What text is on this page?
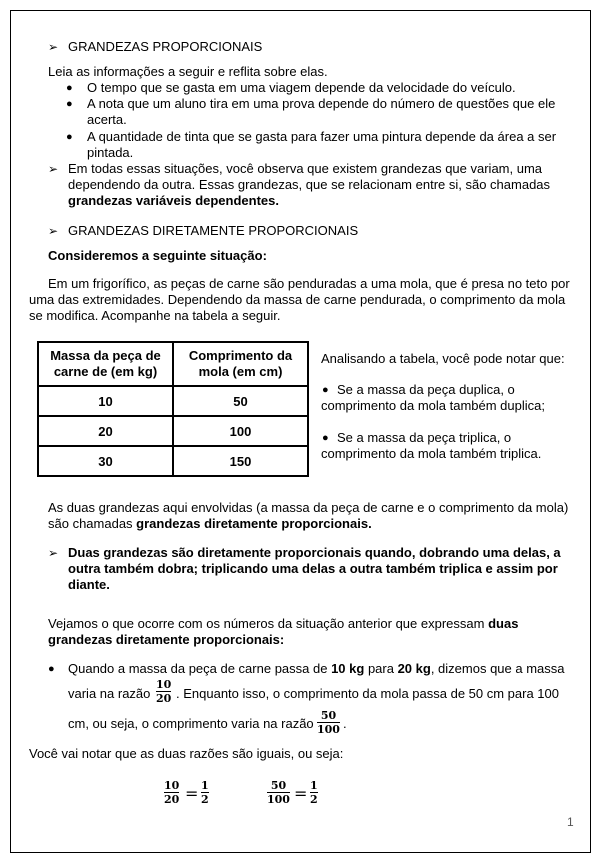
➢ GRANDEZAS PROPORCIONAIS
Leia as informações a seguir e reflita sobre elas.
● O tempo que se gasta em uma viagem depende da velocidade do veículo.
● A nota que um aluno tira em uma prova depende do número de questões que ele
acerta.
● A quantidade de tinta que se gasta para fazer uma pintura depende da área a ser
pintada.
➢ Em todas essas situações, você observa que existem grandezas que variam, uma
dependendo da outra. Essas grandezas, que se relacionam entre si, são chamadas
grandezas variáveis dependentes.
➢ GRANDEZAS DIRETAMENTE PROPORCIONAIS
Consideremos a seguinte situação:
Em um frigorífico, as peças de carne são penduradas a uma mola, que é presa no teto por
uma das extremidades. Dependendo da massa de carne pendurada, o comprimento da mola
se modifica. Acompanhe na tabela a seguir.
Massa da peça de
carne de (em kg)	Comprimento da
mola (em cm)
10	50
20	100
30	150
Analisando a tabela, você pode notar que:
● Se a massa da peça duplica, o
comprimento da mola também duplica;
● Se a massa da peça triplica, o
comprimento da mola também triplica.
As duas grandezas aqui envolvidas (a massa da peça de carne e o comprimento da mola)
são chamadas grandezas diretamente proporcionais.
➢ Duas grandezas são diretamente proporcionais quando, dobrando uma delas, a
outra também dobra; triplicando uma delas a outra também triplica e assim por
diante.
Vejamos o que ocorre com os números da situação anterior que expressam duas
grandezas diretamente proporcionais:
● Quando a massa da peça de carne passa de 10 kg para 20 kg, dizemos que a massa
varia na razão
10
20 . Enquanto isso, o comprimento da mola passa de 50 cm para 100
cm, ou seja, o comprimento varia na razão
50
100 .
Você vai notar que as duas razões são iguais, ou seja:
10
20 = 1
2
50
100 = 1
2
1
